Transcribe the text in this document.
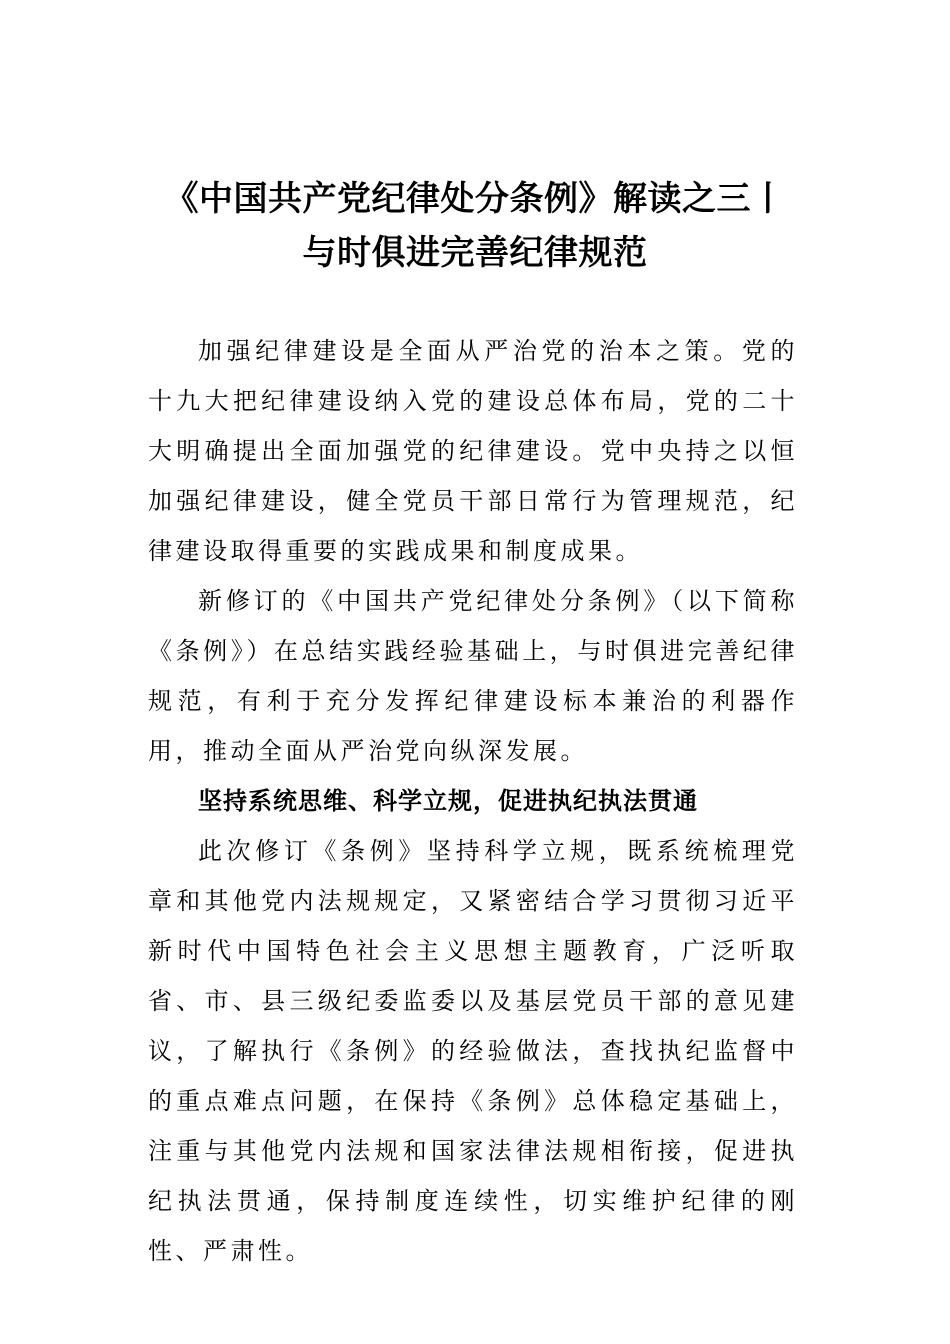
《中国共产党纪律处分条例》解读之三丨
与时俱进完善纪律规范

加强纪律建设是全面从严治党的治本之策。党的十九大把纪律建设纳入党的建设总体布局，党的二十大明确提出全面加强党的纪律建设。党中央持之以恒加强纪律建设，健全党员干部日常行为管理规范，纪律建设取得重要的实践成果和制度成果。

新修订的《中国共产党纪律处分条例》（以下简称《条例》）在总结实践经验基础上，与时俱进完善纪律规范，有利于充分发挥纪律建设标本兼治的利器作用，推动全面从严治党向纵深发展。

坚持系统思维、科学立规，促进执纪执法贯通

此次修订《条例》坚持科学立规，既系统梳理党章和其他党内法规规定，又紧密结合学习贯彻习近平新时代中国特色社会主义思想主题教育，广泛听取省、市、县三级纪委监委以及基层党员干部的意见建议，了解执行《条例》的经验做法，查找执纪监督中的重点难点问题，在保持《条例》总体稳定基础上，注重与其他党内法规和国家法律法规相衔接，促进执纪执法贯通，保持制度连续性，切实维护纪律的刚性、严肃性。
